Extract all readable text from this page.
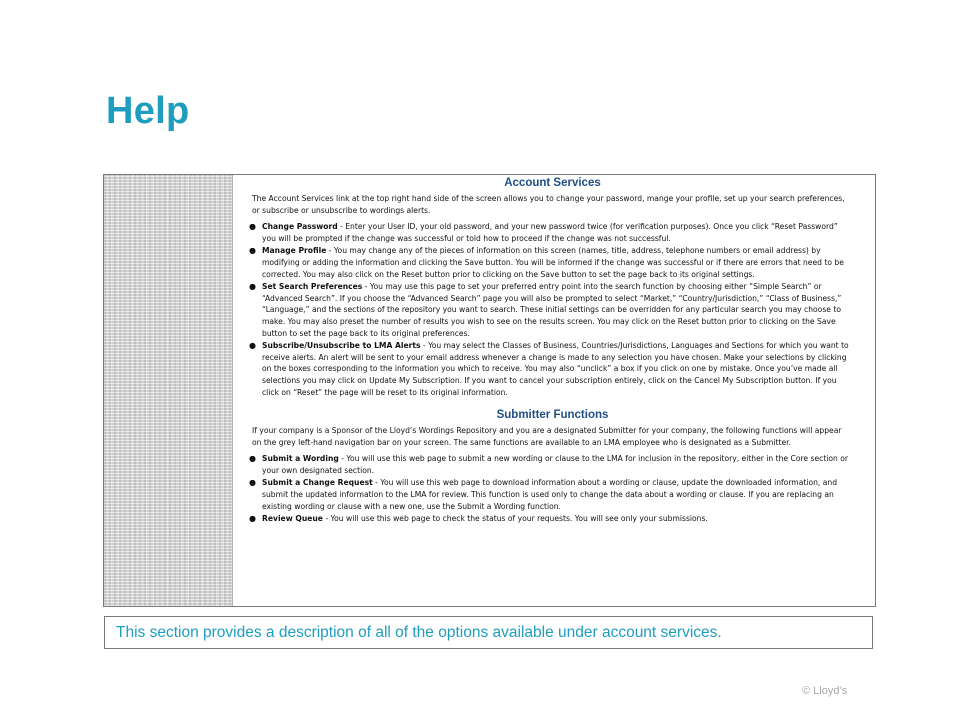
Help
Account Services
The Account Services link at the top right hand side of the screen allows you to change your password, mange your profile, set up your search preferences, or subscribe or unsubscribe to wordings alerts.
● Change Password - Enter your User ID, your old password, and your new password twice (for verification purposes). Once you click “Reset Password” you will be prompted if the change was successful or told how to proceed if the change was not successful.
● Manage Profile - You may change any of the pieces of information on this screen (names, title, address, telephone numbers or email address) by modifying or adding the information and clicking the Save button. You will be informed if the change was successful or if there are errors that need to be corrected. You may also click on the Reset button prior to clicking on the Save button to set the page back to its original settings.
● Set Search Preferences - You may use this page to set your preferred entry point into the search function by choosing either “Simple Search” or “Advanced Search”. If you choose the “Advanced Search” page you will also be prompted to select “Market,” “Country/Jurisdiction,” “Class of Business,” “Language,” and the sections of the repository you want to search. These initial settings can be overridden for any particular search you may choose to make. You may also preset the number of results you wish to see on the results screen. You may click on the Reset button prior to clicking on the Save button to set the page back to its original preferences.
● Subscribe/Unsubscribe to LMA Alerts - You may select the Classes of Business, Countries/Jurisdictions, Languages and Sections for which you want to receive alerts. An alert will be sent to your email address whenever a change is made to any selection you have chosen. Make your selections by clicking on the boxes corresponding to the information you which to receive. You may also “unclick” a box if you click on one by mistake. Once you’ve made all selections you may click on Update My Subscription. If you want to cancel your subscription entirely, click on the Cancel My Subscription button. If you click on “Reset” the page will be reset to its original information.
Submitter Functions
If your company is a Sponsor of the Lloyd’s Wordings Repository and you are a designated Submitter for your company, the following functions will appear on the grey left-hand navigation bar on your screen. The same functions are available to an LMA employee who is designated as a Submitter.
● Submit a Wording - You will use this web page to submit a new wording or clause to the LMA for inclusion in the repository, either in the Core section or your own designated section.
● Submit a Change Request - You will use this web page to download information about a wording or clause, update the downloaded information, and submit the updated information to the LMA for review. This function is used only to change the data about a wording or clause. If you are replacing an existing wording or clause with a new one, use the Submit a Wording function.
● Review Queue - You will use this web page to check the status of your requests. You will see only your submissions.
This section provides a description of all of the options available under account services.
© Lloyd’s
